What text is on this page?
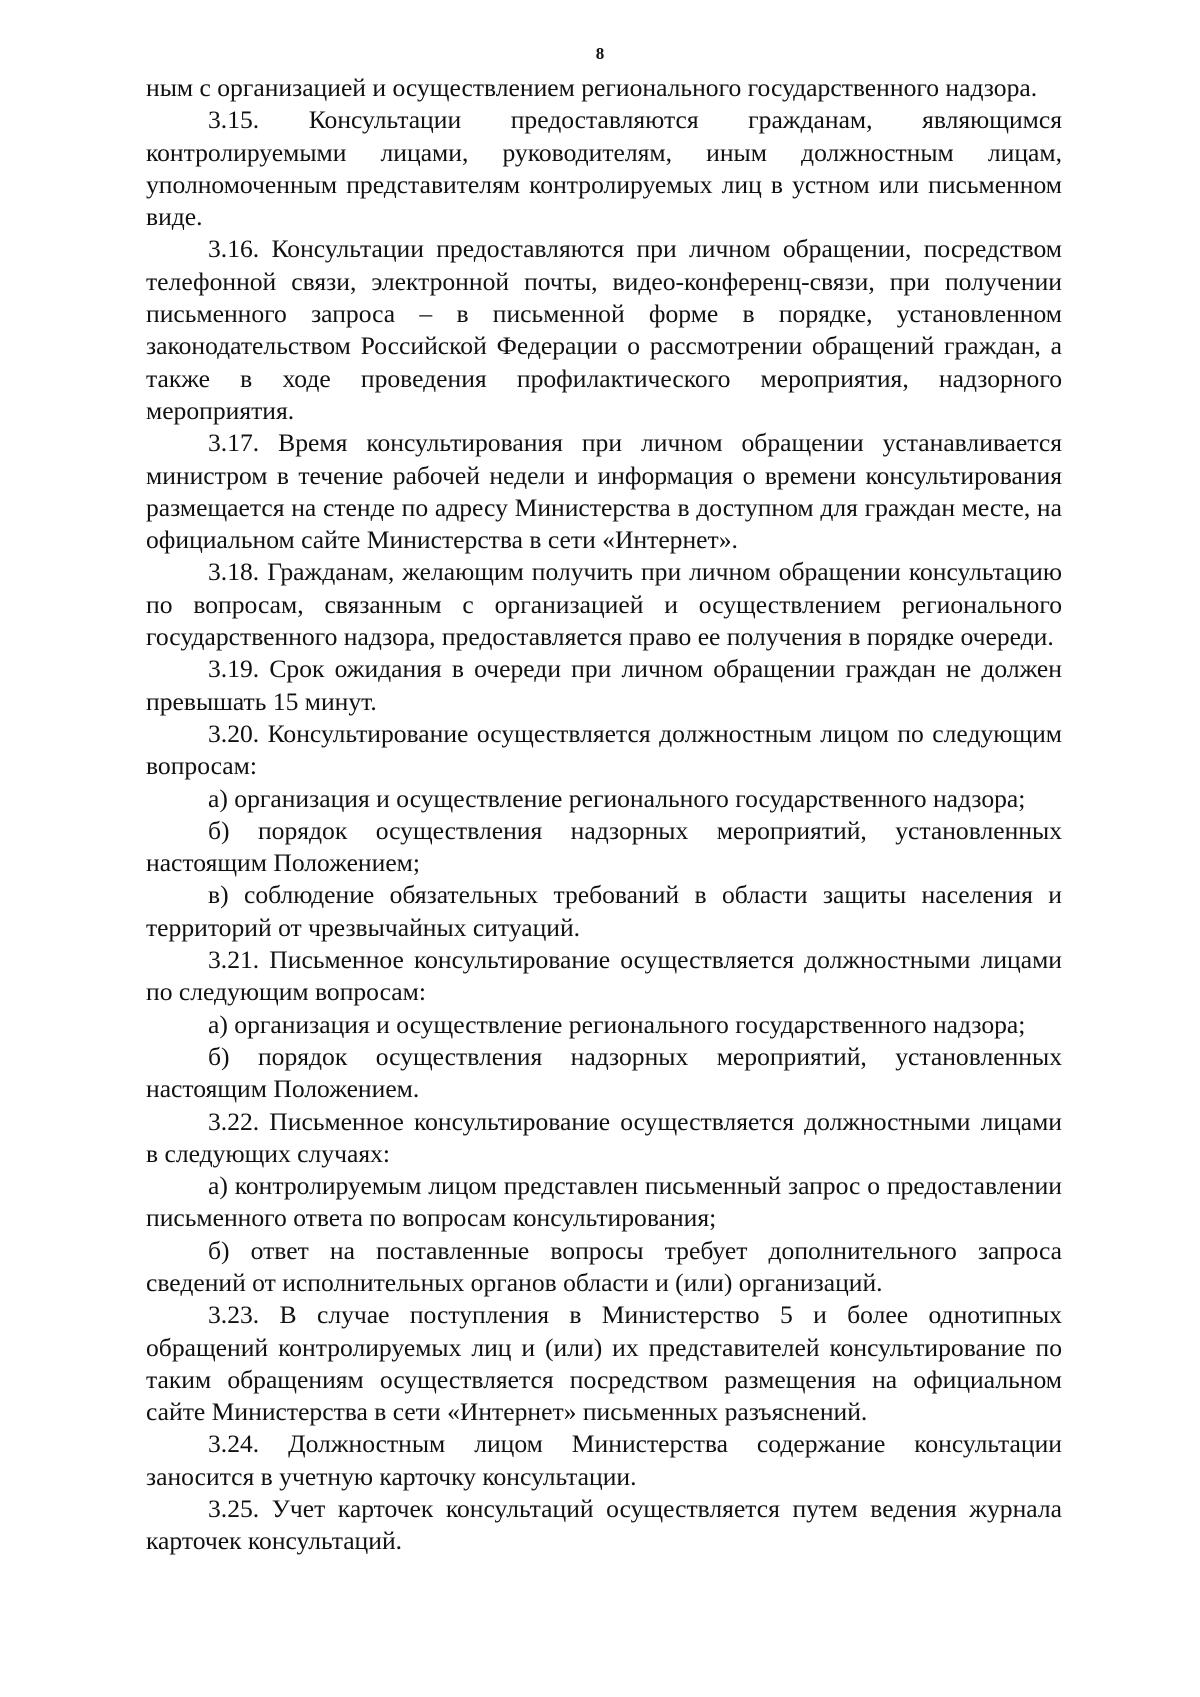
8

ным с организацией и осуществлением регионального государственного надзора.

3.15. Консультации предоставляются гражданам, являющимся контролируемыми лицами, руководителям, иным должностным лицам, уполномоченным представителям контролируемых лиц в устном или письменном виде.

3.16. Консультации предоставляются при личном обращении, посредством телефонной связи, электронной почты, видео-конференц-связи, при получении письменного запроса – в письменной форме в порядке, установленном законодательством Российской Федерации о рассмотрении обращений граждан, а также в ходе проведения профилактического мероприятия, надзорного мероприятия.

3.17. Время консультирования при личном обращении устанавливается министром в течение рабочей недели и информация о времени консультирования размещается на стенде по адресу Министерства в доступном для граждан месте, на официальном сайте Министерства в сети «Интернет».

3.18. Гражданам, желающим получить при личном обращении консультацию по вопросам, связанным с организацией и осуществлением регионального государственного надзора, предоставляется право ее получения в порядке очереди.

3.19. Срок ожидания в очереди при личном обращении граждан не должен превышать 15 минут.

3.20. Консультирование осуществляется должностным лицом по следующим вопросам:

а) организация и осуществление регионального государственного надзора;

б) порядок осуществления надзорных мероприятий, установленных настоящим Положением;

в) соблюдение обязательных требований в области защиты населения и территорий от чрезвычайных ситуаций.

3.21. Письменное консультирование осуществляется должностными лицами по следующим вопросам:

а) организация и осуществление регионального государственного надзора;

б) порядок осуществления надзорных мероприятий, установленных настоящим Положением.

3.22. Письменное консультирование осуществляется должностными лицами в следующих случаях:

а) контролируемым лицом представлен письменный запрос о предоставлении письменного ответа по вопросам консультирования;

б) ответ на поставленные вопросы требует дополнительного запроса сведений от исполнительных органов области и (или) организаций.

3.23. В случае поступления в Министерство 5 и более однотипных обращений контролируемых лиц и (или) их представителей консультирование по таким обращениям осуществляется посредством размещения на официальном сайте Министерства в сети «Интернет» письменных разъяснений.

3.24. Должностным лицом Министерства содержание консультации заносится в учетную карточку консультации.

3.25. Учет карточек консультаций осуществляется путем ведения журнала карточек консультаций.
